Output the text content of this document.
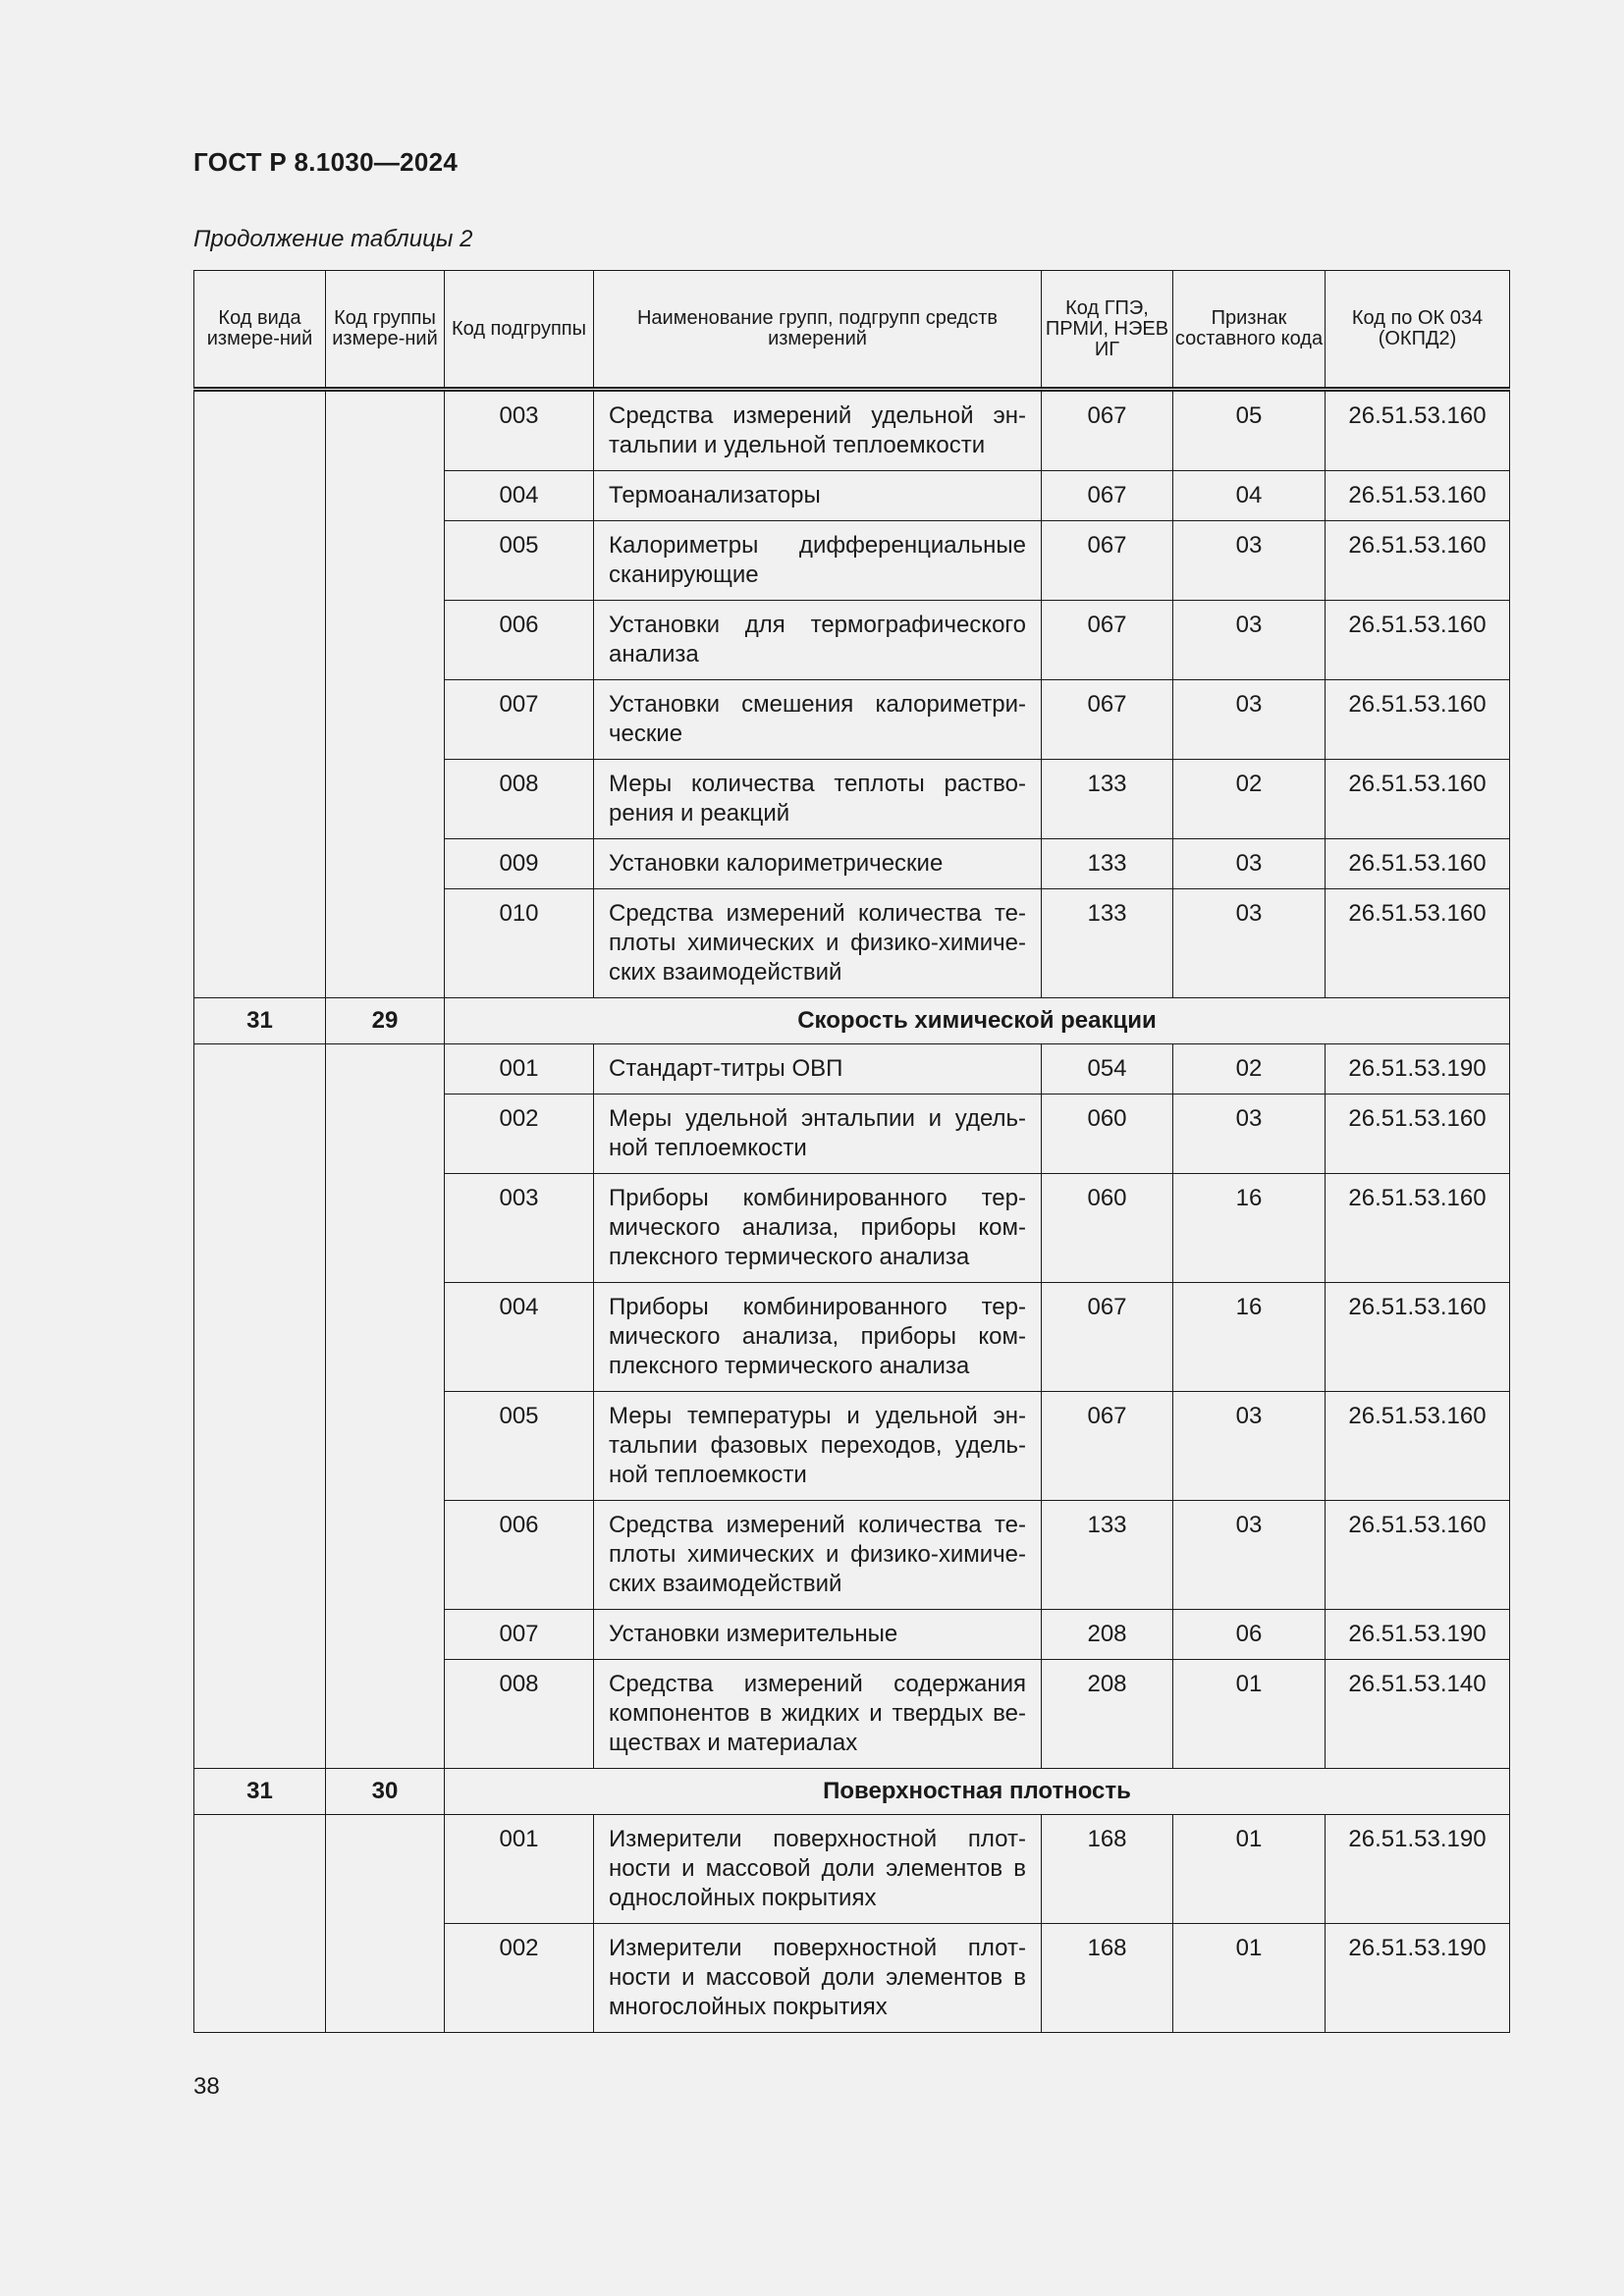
ГОСТ Р 8.1030—2024
Продолжение таблицы 2
Код вида измере-ний	Код группы измере-ний	Код подгруппы	Наименование групп, подгрупп средств измерений	Код ГПЭ, ПРМИ, НЭЕВ ИГ	Признак составного кода	Код по ОК 034 (ОКПД2)
		003	Средства измерений удельной эн-тальпии и удельной теплоемкости	067	05	26.51.53.160
		004	Термоанализаторы	067	04	26.51.53.160
		005	Калориметры дифференциальные сканирующие	067	03	26.51.53.160
		006	Установки для термографического анализа	067	03	26.51.53.160
		007	Установки смешения калориметри-ческие	067	03	26.51.53.160
		008	Меры количества теплоты раство-рения и реакций	133	02	26.51.53.160
		009	Установки калориметрические	133	03	26.51.53.160
		010	Средства измерений количества те-плоты химических и физико-химиче-ских взаимодействий	133	03	26.51.53.160
31	29	Скорость химической реакции				
		001	Стандарт-титры ОВП	054	02	26.51.53.190
		002	Меры удельной энтальпии и удель-ной теплоемкости	060	03	26.51.53.160
		003	Приборы комбинированного тер-мического анализа, приборы ком-плексного термического анализа	060	16	26.51.53.160
		004	Приборы комбинированного тер-мического анализа, приборы ком-плексного термического анализа	067	16	26.51.53.160
		005	Меры температуры и удельной эн-тальпии фазовых переходов, удель-ной теплоемкости	067	03	26.51.53.160
		006	Средства измерений количества те-плоты химических и физико-химиче-ских взаимодействий	133	03	26.51.53.160
		007	Установки измерительные	208	06	26.51.53.190
		008	Средства измерений содержания компонентов в жидких и твердых ве-ществах и материалах	208	01	26.51.53.140
31	30	Поверхностная плотность				
		001	Измерители поверхностной плот-ности и массовой доли элементов в однослойных покрытиях	168	01	26.51.53.190
		002	Измерители поверхностной плот-ности и массовой доли элементов в многослойных покрытиях	168	01	26.51.53.190
38
